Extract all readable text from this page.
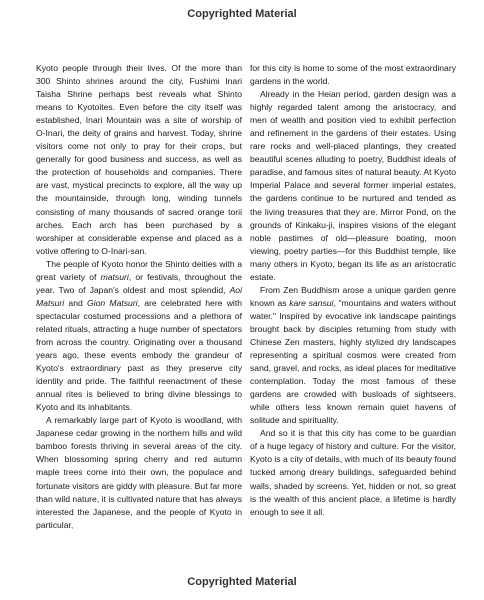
Copyrighted Material

Kyoto people through their lives. Of the more than 300 Shinto shrines around the city, Fushimi Inari Taisha Shrine perhaps best reveals what Shinto means to Kyotoites. Even before the city itself was established, Inari Mountain was a site of worship of O-Inari, the deity of grains and harvest. Today, shrine visitors come not only to pray for their crops, but generally for good business and success, as well as the protection of households and companies. There are vast, mystical precincts to explore, all the way up the mountainside, through long, winding tunnels consisting of many thousands of sacred orange torii arches. Each arch has been purchased by a worshiper at considerable expense and placed as a votive offering to O-Inari-san.

The people of Kyoto honor the Shinto deities with a great variety of matsuri, or festivals, throughout the year. Two of Japan's oldest and most splendid, Aoi Matsuri and Gion Matsuri, are celebrated here with spectacular costumed processions and a plethora of related rituals, attracting a huge number of spectators from across the country. Originating over a thousand years ago, these events embody the grandeur of Kyoto's extraordinary past as they preserve city identity and pride. The faithful reenactment of these annual rites is believed to bring divine blessings to Kyoto and its inhabitants.

A remarkably large part of Kyoto is woodland, with Japanese cedar growing in the northern hills and wild bamboo forests thriving in several areas of the city. When blossoming spring cherry and red autumn maple trees come into their own, the populace and fortunate visitors are giddy with pleasure. But far more than wild nature, it is cultivated nature that has always interested the Japanese, and the people of Kyoto in particular,

for this city is home to some of the most extraordinary gardens in the world.

Already in the Heian period, garden design was a highly regarded talent among the aristocracy, and men of wealth and position vied to exhibit perfection and refinement in the gardens of their estates. Using rare rocks and well-placed plantings, they created beautiful scenes alluding to poetry, Buddhist ideals of paradise, and famous sites of natural beauty. At Kyoto Imperial Palace and several former imperial estates, the gardens continue to be nurtured and tended as the living treasures that they are. Mirror Pond, on the grounds of Kinkaku-ji, inspires visions of the elegant noble pastimes of old—pleasure boating, moon viewing, poetry parties—for this Buddhist temple, like many others in Kyoto, began its life as an aristocratic estate.

From Zen Buddhism arose a unique garden genre known as kare sansui, "mountains and waters without water." Inspired by evocative ink landscape paintings brought back by disciples returning from study with Chinese Zen masters, highly stylized dry landscapes representing a spiritual cosmos were created from sand, gravel, and rocks, as ideal places for meditative contemplation. Today the most famous of these gardens are crowded with busloads of sightseers, while others less known remain quiet havens of solitude and spirituality.

And so it is that this city has come to be guardian of a huge legacy of history and culture. For the visitor, Kyoto is a city of details, with much of its beauty found tucked among dreary buildings, safeguarded behind walls, shaded by screens. Yet, hidden or not, so great is the wealth of this ancient place, a lifetime is hardly enough to see it all.

Copyrighted Material
